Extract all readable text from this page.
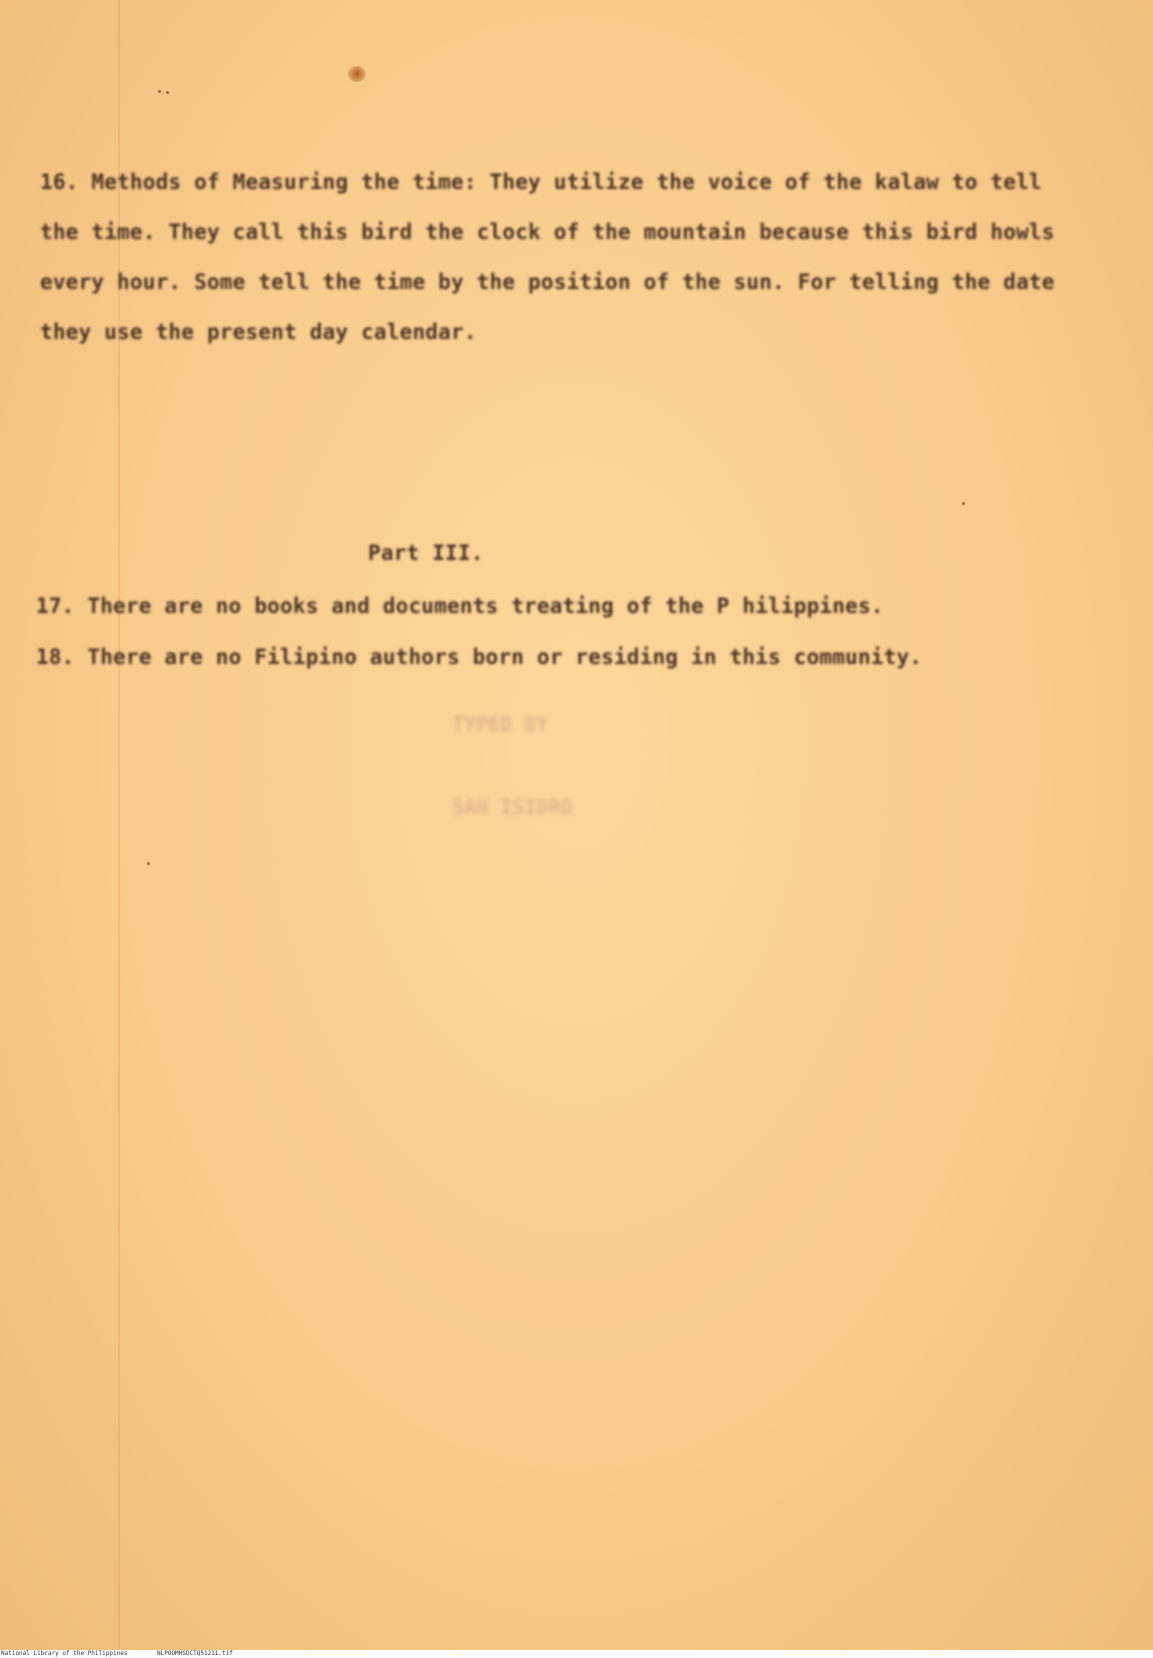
TYPED BY
SAN ISIDRO

16. Methods of Measuring the time: They utilize the voice of the kalaw to tell

the time. They call this bird the clock of the mountain because this bird howls

every hour. Some tell the time by the position of the sun. For telling the date

they use the present day calendar.

Part III.

17. There are no books and documents treating of the P hilippines.

18. There are no Filipino authors born or residing in this community.

National Library of the Philippines	NLPOOMHSDCTQ51211.tif
